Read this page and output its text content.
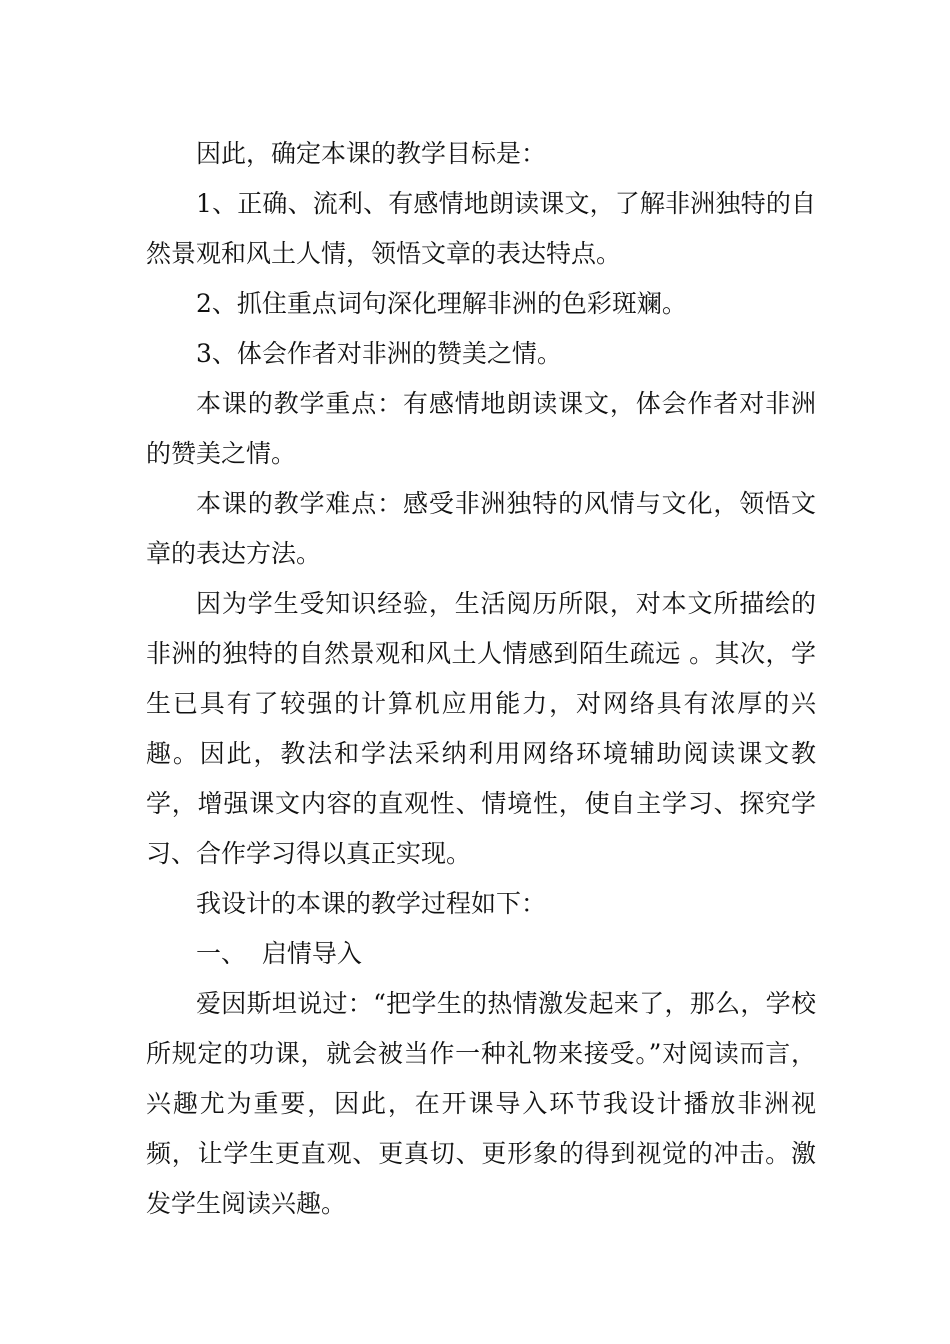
因此，确定本课的教学目标是：

1、正确、流利、有感情地朗读课文，了解非洲独特的自然景观和风土人情，领悟文章的表达特点。

2、抓住重点词句深化理解非洲的色彩斑斓。

3、体会作者对非洲的赞美之情。

本课的教学重点：有感情地朗读课文，体会作者对非洲的赞美之情。

本课的教学难点：感受非洲独特的风情与文化，领悟文章的表达方法。

因为学生受知识经验，生活阅历所限，对本文所描绘的非洲的独特的自然景观和风土人情感到陌生疏远 。其次，学生已具有了较强的计算机应用能力，对网络具有浓厚的兴趣。因此，教法和学法采纳利用网络环境辅助阅读课文教学，增强课文内容的直观性、情境性，使自主学习、探究学习、合作学习得以真正实现。

我设计的本课的教学过程如下：

一、  启情导入

爱因斯坦说过：“把学生的热情激发起来了，那么，学校所规定的功课，就会被当作一种礼物来接受。”对阅读而言，兴趣尤为重要，因此，在开课导入环节我设计播放非洲视频，让学生更直观、更真切、更形象的得到视觉的冲击。激发学生阅读兴趣。
